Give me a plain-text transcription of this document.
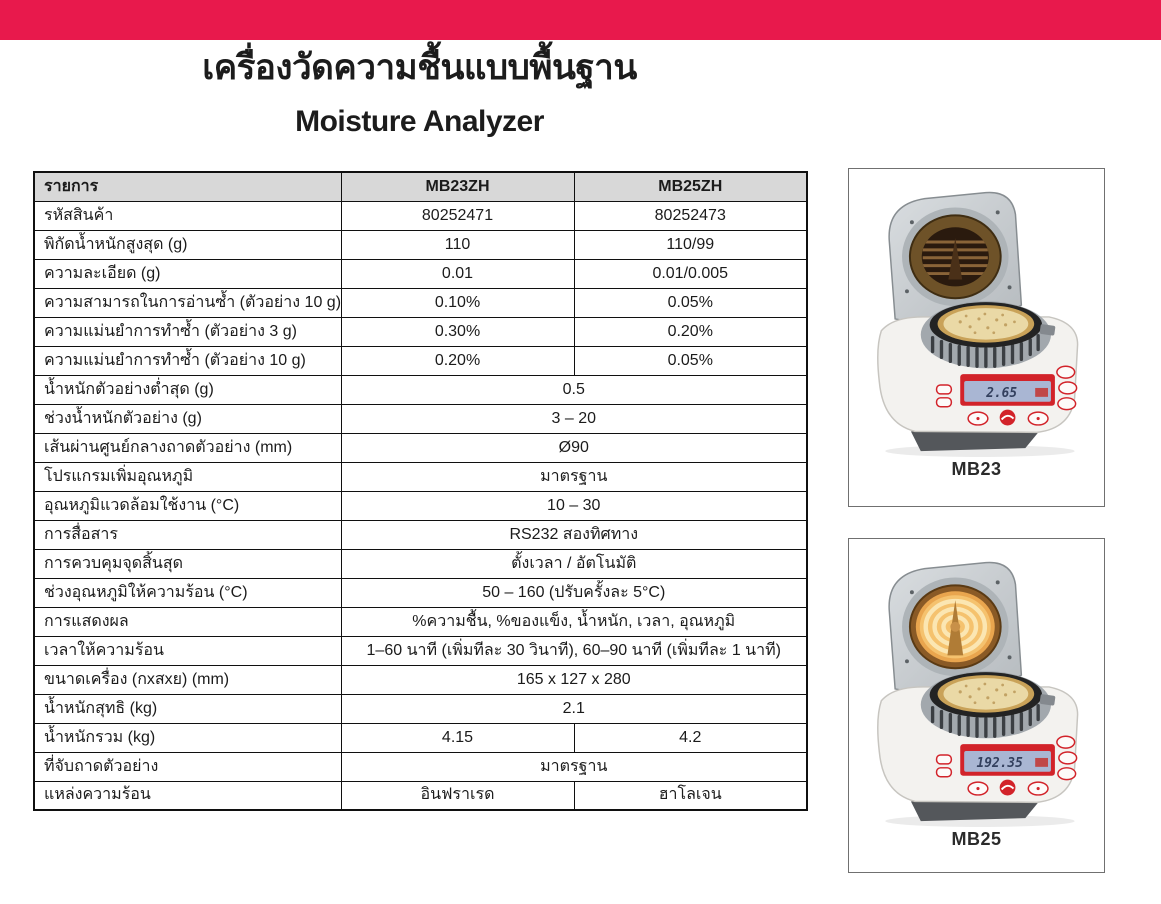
เครื่องวัดความชื้นแบบพื้นฐาน
Moisture Analyzer
รายการ	MB23ZH	MB25ZH
รหัสสินค้า	80252471	80252473
พิกัดน้ำหนักสูงสุด (g)	110	110/99
ความละเอียด (g)	0.01	0.01/0.005
ความสามารถในการอ่านซ้ำ (ตัวอย่าง 10 g)	0.10%	0.05%
ความแม่นยำการทำซ้ำ (ตัวอย่าง 3 g)	0.30%	0.20%
ความแม่นยำการทำซ้ำ (ตัวอย่าง 10 g)	0.20%	0.05%
น้ำหนักตัวอย่างต่ำสุด (g)	0.5	
ช่วงน้ำหนักตัวอย่าง (g)	3 – 20	
เส้นผ่านศูนย์กลางถาดตัวอย่าง (mm)	Ø90	
โปรแกรมเพิ่มอุณหภูมิ	มาตรฐาน	
อุณหภูมิแวดล้อมใช้งาน (°C)	10 – 30	
การสื่อสาร	RS232 สองทิศทาง	
การควบคุมจุดสิ้นสุด	ตั้งเวลา / อัตโนมัติ	
ช่วงอุณหภูมิให้ความร้อน (°C)	50 – 160 (ปรับครั้งละ 5°C)	
การแสดงผล	%ความชื้น, %ของแข็ง, น้ำหนัก, เวลา, อุณหภูมิ	
เวลาให้ความร้อน	1–60 นาที (เพิ่มทีละ 30 วินาที), 60–90 นาที (เพิ่มทีละ 1 นาที)	
ขนาดเครื่อง (กxสxย) (mm)	165 x 127 x 280	
น้ำหนักสุทธิ (kg)	2.1	
น้ำหนักรวม (kg)	4.15	4.2
ที่จับถาดตัวอย่าง	มาตรฐาน	
แหล่งความร้อน	อินฟราเรด	ฮาโลเจน
2.65
MB23
192.35
MB25
